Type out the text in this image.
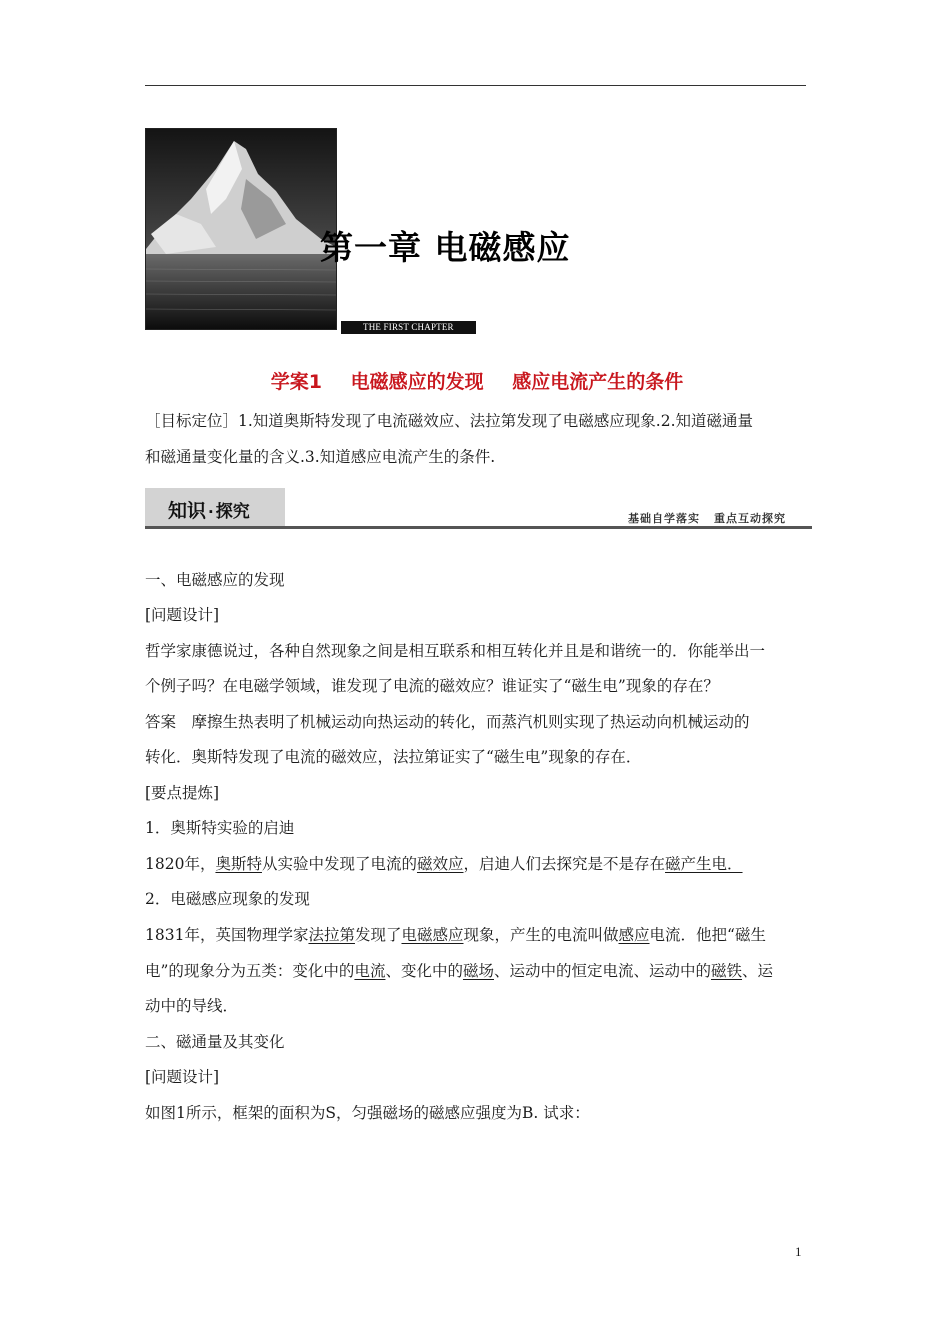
THE FIRST CHAPTER
第一章 电磁感应
学案1 电磁感应的发现 感应电流产生的条件
［目标定位］1.知道奥斯特发现了电流磁效应、法拉第发现了电磁感应现象.2.知道磁通量
和磁通量变化量的含义.3.知道感应电流产生的条件.
知识 · 探究	基础自学落实 重点互动探究
一、电磁感应的发现
[问题设计]
哲学家康德说过，各种自然现象之间是相互联系和相互转化并且是和谐统一的．你能举出一
个例子吗？在电磁学领域，谁发现了电流的磁效应？谁证实了“磁生电”现象的存在？
答案　摩擦生热表明了机械运动向热运动的转化，而蒸汽机则实现了热运动向机械运动的
转化．奥斯特发现了电流的磁效应，法拉第证实了“磁生电”现象的存在．
[要点提炼]
1．奥斯特实验的启迪
1820年，奥斯特从实验中发现了电流的磁效应，启迪人们去探究是不是存在磁产生电．
2．电磁感应现象的发现
1831年，英国物理学家法拉第发现了电磁感应现象，产生的电流叫做感应电流．他把“磁生
电”的现象分为五类：变化中的电流、变化中的磁场、运动中的恒定电流、运动中的磁铁、运
动中的导线．
二、磁通量及其变化
[问题设计]
如图1所示，框架的面积为S，匀强磁场的磁感应强度为B. 试求：
1
